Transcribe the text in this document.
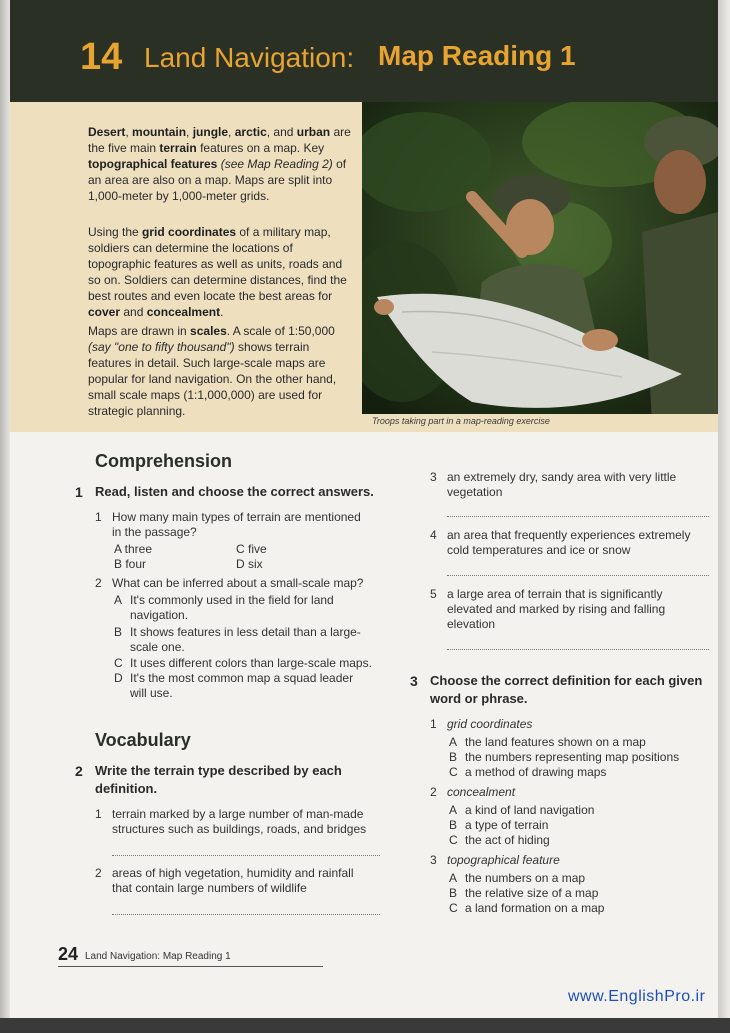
14 Land Navigation: Map Reading 1

Desert, mountain, jungle, arctic, and urban are the five main terrain features on a map. Key topographical features (see Map Reading 2) of an area are also on a map. Maps are split into 1,000-meter by 1,000-meter grids.

Using the grid coordinates of a military map, soldiers can determine the locations of topographic features as well as units, roads and so on. Soldiers can determine distances, find the best routes and even locate the best areas for cover and concealment.

Maps are drawn in scales. A scale of 1:50,000 (say "one to fifty thousand") shows terrain features in detail. Such large-scale maps are popular for land navigation. On the other hand, small scale maps (1:1,000,000) are used for strategic planning.

Troops taking part in a map-reading exercise
Comprehension
1 Read, listen and choose the correct answers.
1 How many main types of terrain are mentioned
in the passage?
A three	C five
B four	D six
2 What can be inferred about a small-scale map?
A It's commonly used in the field for land
navigation.
B It shows features in less detail than a large-
scale one.
C It uses different colors than large-scale maps.
D It's the most common map a squad leader
will use.
Vocabulary
2 Write the terrain type described by each
definition.
1 terrain marked by a large number of man-made
structures such as buildings, roads, and bridges
2 areas of high vegetation, humidity and rainfall
that contain large numbers of wildlife
3 an extremely dry, sandy area with very little
vegetation
4 an area that frequently experiences extremely
cold temperatures and ice or snow
5 a large area of terrain that is significantly
elevated and marked by rising and falling
elevation
3 Choose the correct definition for each given
word or phrase.
1 grid coordinates
A the land features shown on a map
B the numbers representing map positions
C a method of drawing maps
2 concealment
A a kind of land navigation
B a type of terrain
C the act of hiding
3 topographical feature
A the numbers on a map
B the relative size of a map
C a land formation on a map
24 Land Navigation: Map Reading 1
www.EnglishPro.ir
